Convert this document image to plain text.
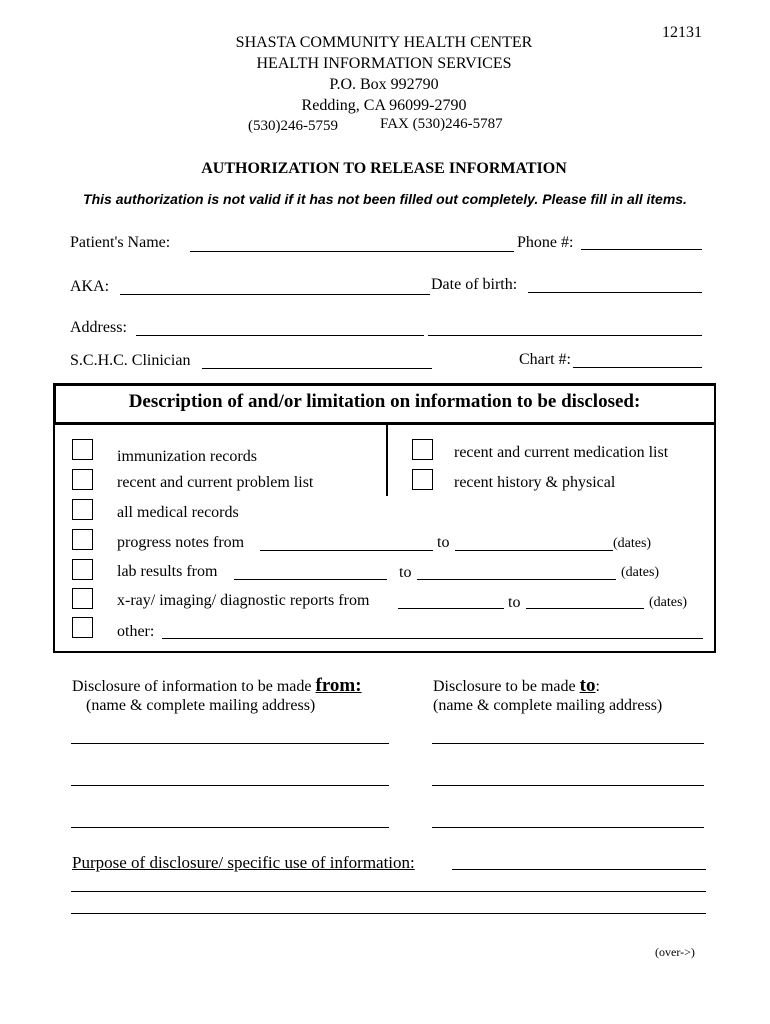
12131
SHASTA COMMUNITY HEALTH CENTER
HEALTH INFORMATION SERVICES
P.O. Box 992790
Redding, CA 96099-2790
(530)246-5759	FAX (530)246-5787
AUTHORIZATION TO RELEASE INFORMATION
This authorization is not valid if it has not been filled out completely. Please fill in all items.
Patient's Name:	Phone #:
AKA:	Date of birth:
Address:
S.C.H.C. Clinician	Chart #:
Description of and/or limitation on information to be disclosed:
immunization records	recent and current medication list
recent and current problem list	recent history & physical
all medical records
progress notes from	to	(dates)
lab results from	to	(dates)
x-ray/ imaging/ diagnostic reports from	to	(dates)
other:
Disclosure of information to be made from:
(name & complete mailing address)
Disclosure to be made to:
(name & complete mailing address)
Purpose of disclosure/ specific use of information:
(over->)
